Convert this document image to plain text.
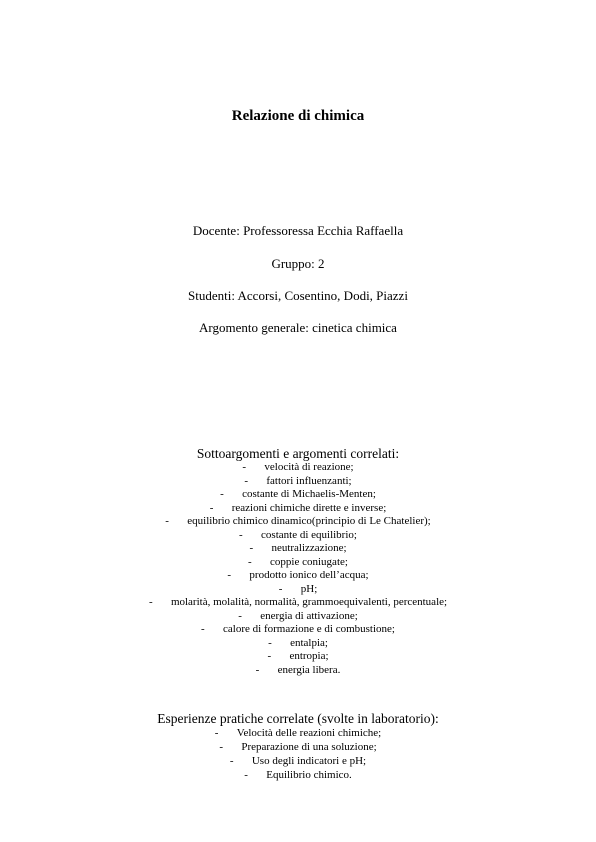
Relazione di chimica
Docente: Professoressa Ecchia Raffaella
Gruppo: 2
Studenti: Accorsi, Cosentino, Dodi, Piazzi
Argomento generale: cinetica chimica
Sottoargomenti e argomenti correlati:
- velocità di reazione;
- fattori influenzanti;
- costante di Michaelis-Menten;
- reazioni chimiche dirette e inverse;
- equilibrio chimico dinamico(principio di Le Chatelier);
- costante di equilibrio;
- neutralizzazione;
- coppie coniugate;
- prodotto ionico dell’acqua;
- pH;
- molarità, molalità, normalità, grammoequivalenti, percentuale;
- energia di attivazione;
- calore di formazione e di combustione;
- entalpia;
- entropia;
- energia libera.
Esperienze pratiche correlate (svolte in laboratorio):
- Velocità delle reazioni chimiche;
- Preparazione di una soluzione;
- Uso degli indicatori e pH;
- Equilibrio chimico.
